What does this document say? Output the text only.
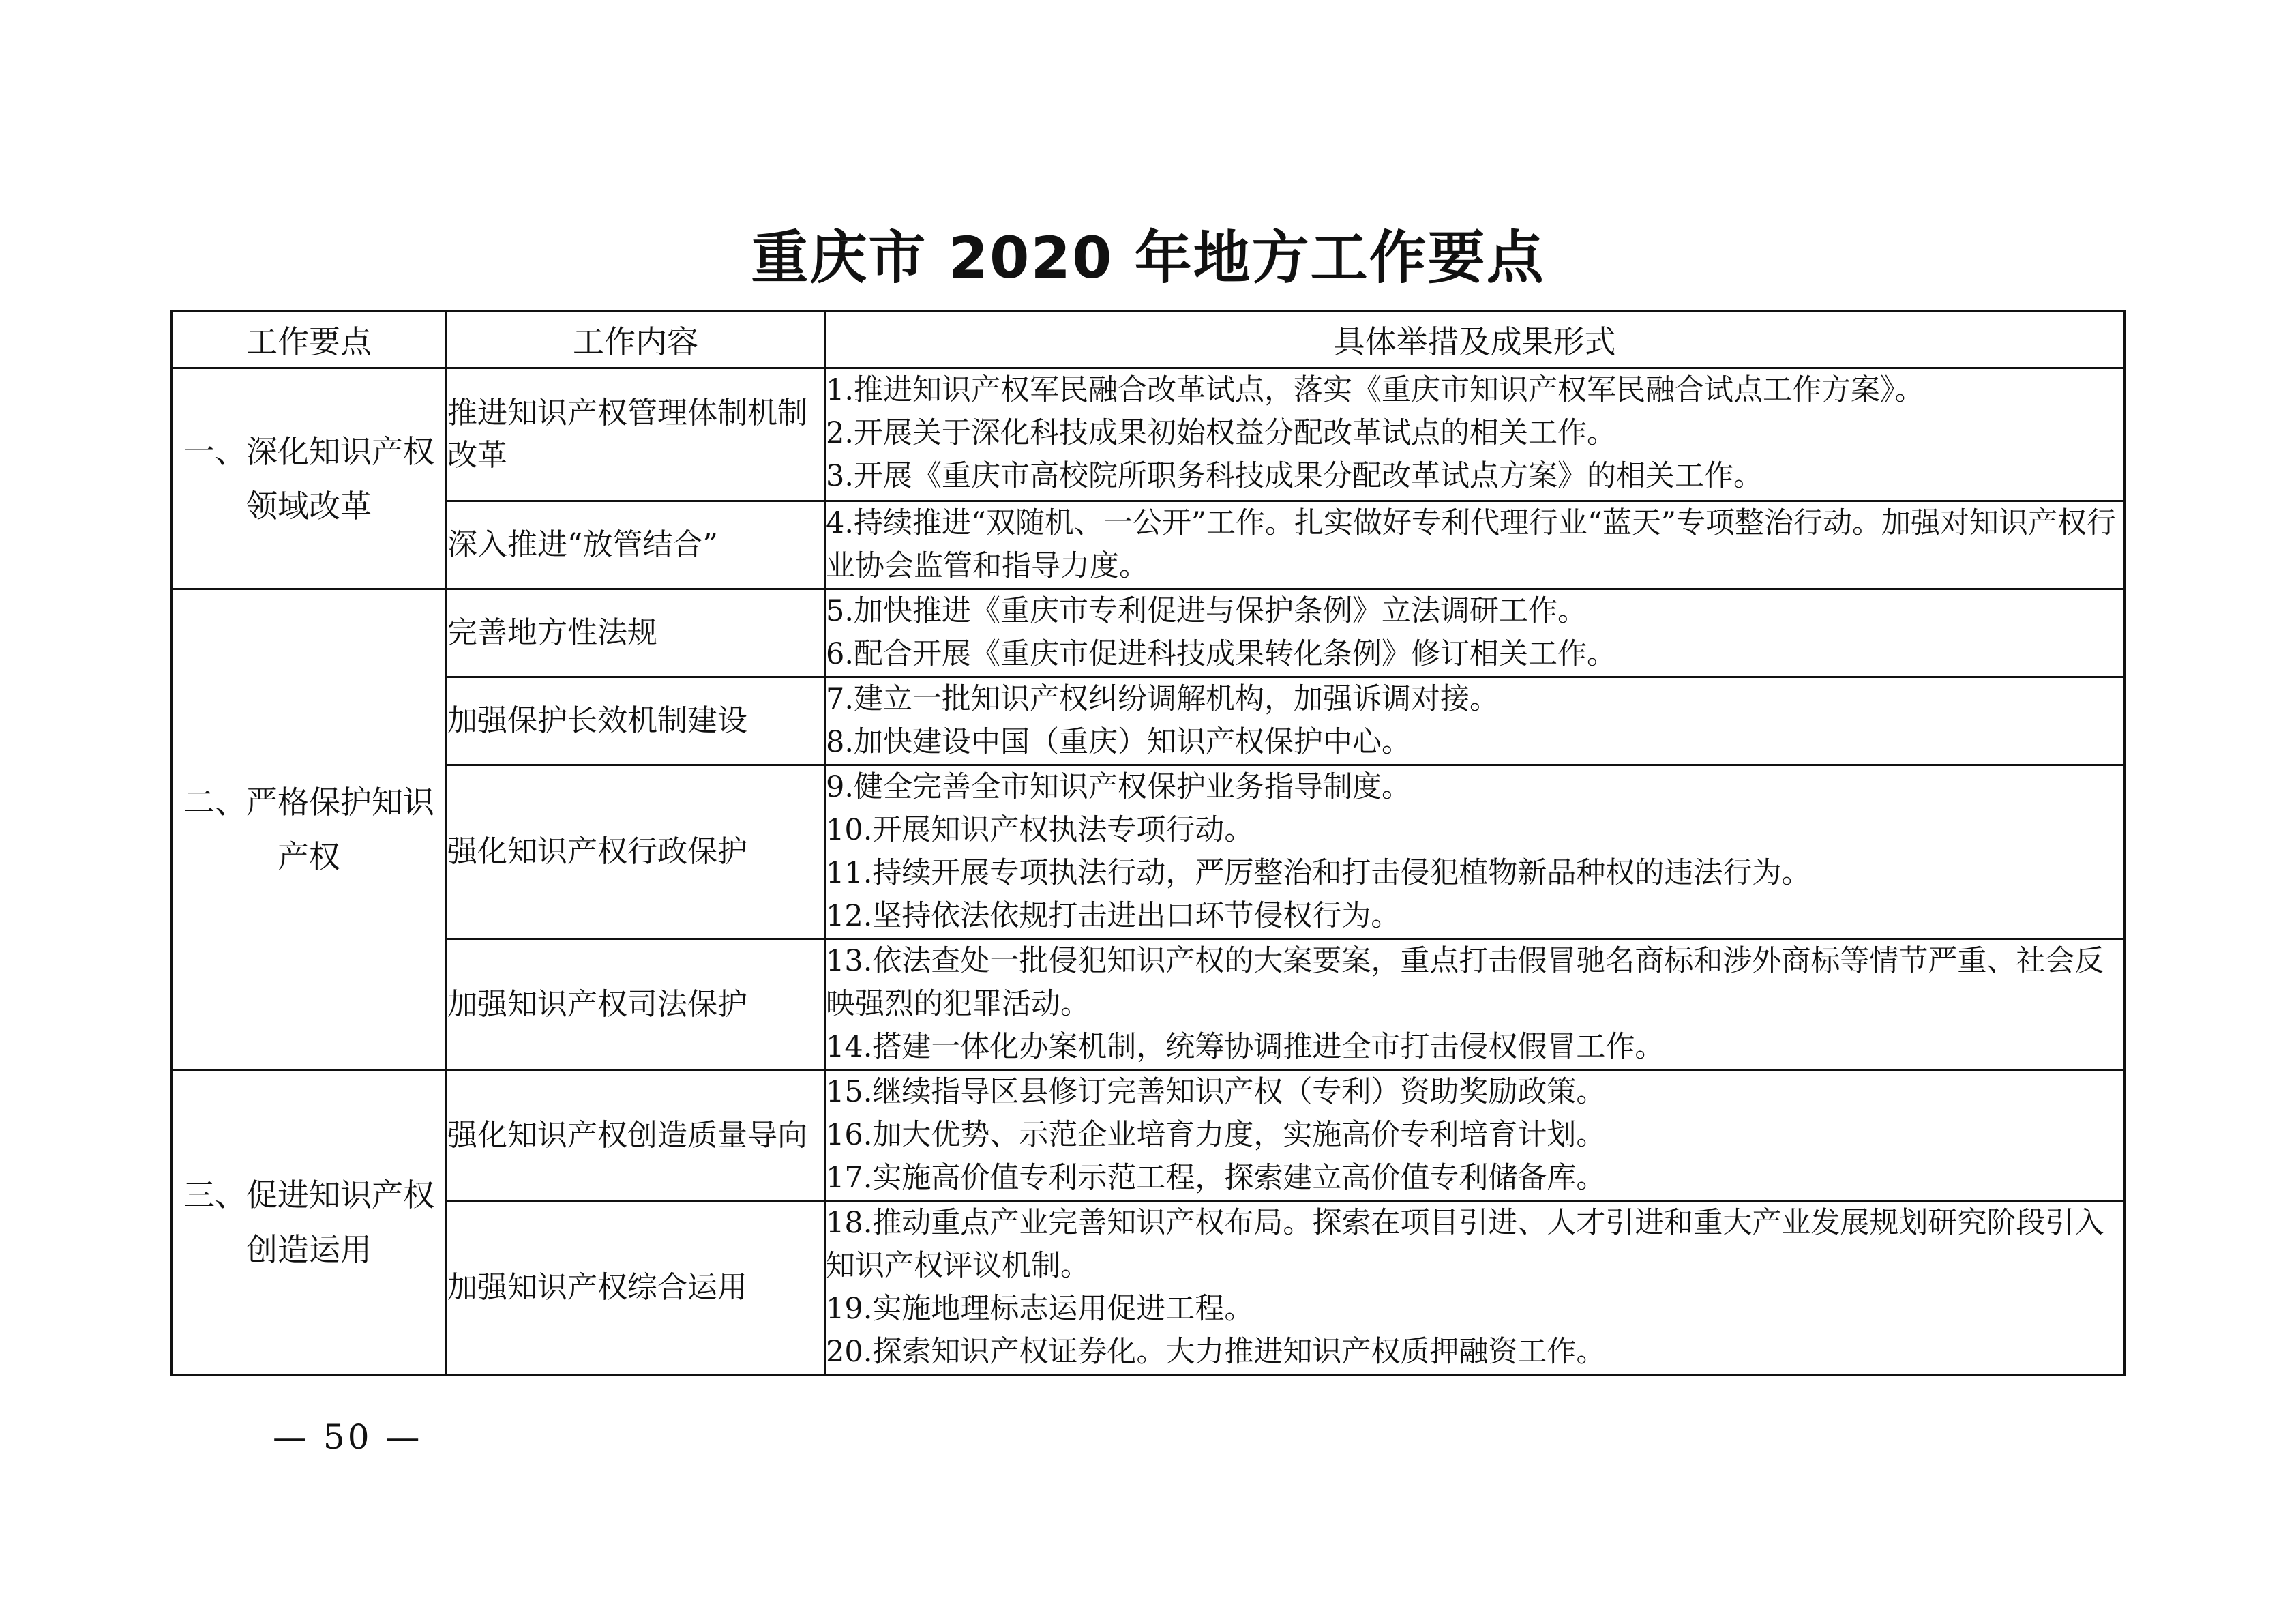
重庆市 2020 年地方工作要点
工作要点	工作内容	具体举措及成果形式
一、深化知识产权领域改革	推进知识产权管理体制机制改革	1.推进知识产权军民融合改革试点，落实《重庆市知识产权军民融合试点工作方案》。
2.开展关于深化科技成果初始权益分配改革试点的相关工作。
3.开展《重庆市高校院所职务科技成果分配改革试点方案》的相关工作。

	深入推进“放管结合”	4.持续推进“双随机、一公开”工作。扎实做好专利代理行业“蓝天”专项整治行动。加强对知识产权行业协会监管和指导力度。

二、严格保护知识产权	完善地方性法规	5.加快推进《重庆市专利促进与保护条例》立法调研工作。
6.配合开展《重庆市促进科技成果转化条例》修订相关工作。

	加强保护长效机制建设	7.建立一批知识产权纠纷调解机构，加强诉调对接。
8.加快建设中国（重庆）知识产权保护中心。

	强化知识产权行政保护	9.健全完善全市知识产权保护业务指导制度。
10.开展知识产权执法专项行动。
11.持续开展专项执法行动，严厉整治和打击侵犯植物新品种权的违法行为。
12.坚持依法依规打击进出口环节侵权行为。

	加强知识产权司法保护	13.依法查处一批侵犯知识产权的大案要案，重点打击假冒驰名商标和涉外商标等情节严重、社会反映强烈的犯罪活动。
14.搭建一体化办案机制，统筹协调推进全市打击侵权假冒工作。

三、促进知识产权创造运用	强化知识产权创造质量导向	15.继续指导区县修订完善知识产权（专利）资助奖励政策。
16.加大优势、示范企业培育力度，实施高价专利培育计划。
17.实施高价值专利示范工程，探索建立高价值专利储备库。

	加强知识产权综合运用	18.推动重点产业完善知识产权布局。探索在项目引进、人才引进和重大产业发展规划研究阶段引入知识产权评议机制。
19.实施地理标志运用促进工程。
20.探索知识产权证券化。大力推进知识产权质押融资工作。
— 50 —
